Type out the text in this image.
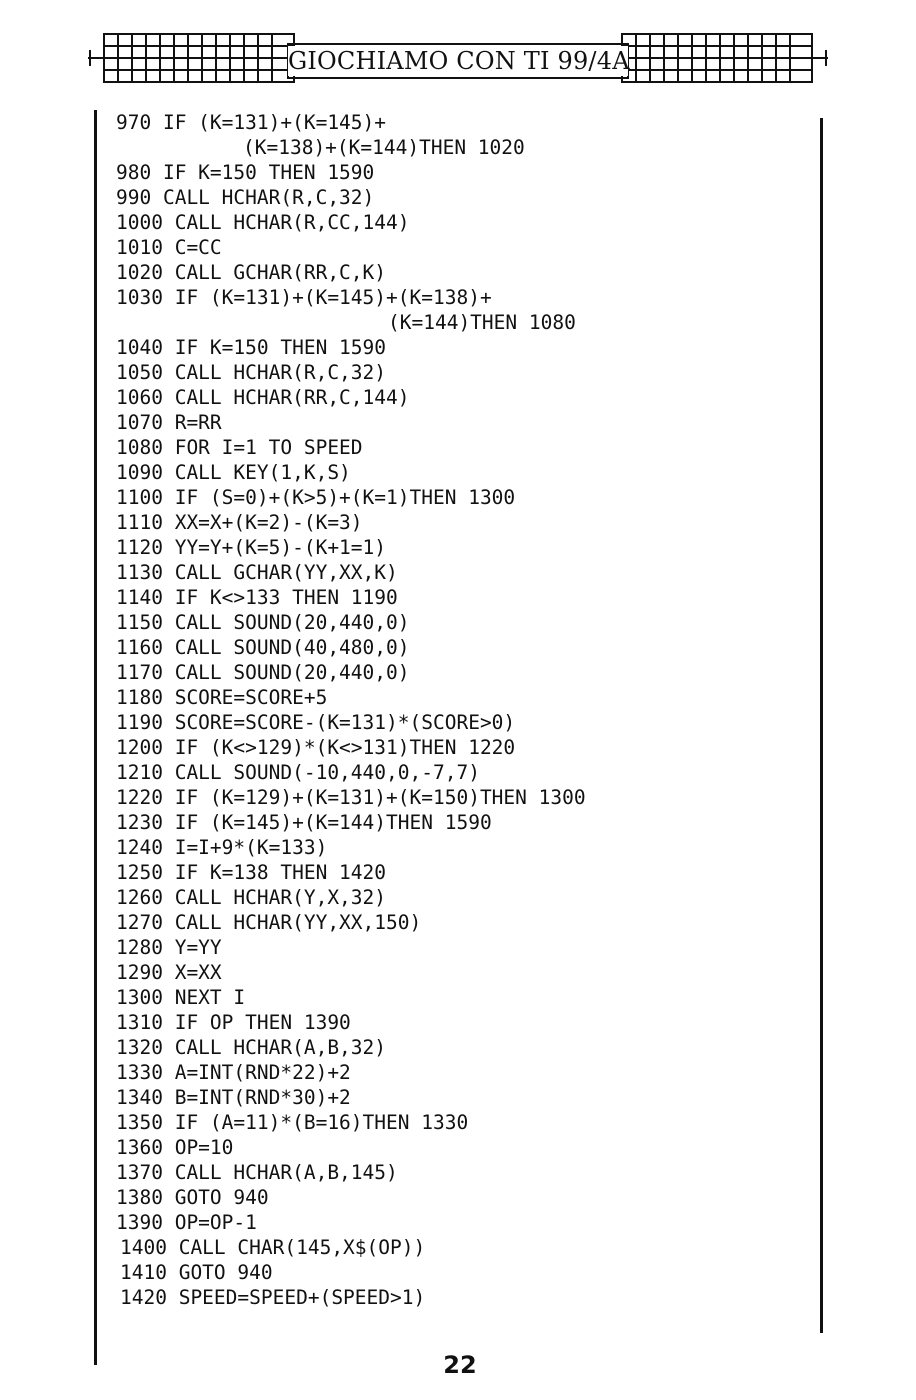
GIOCHIAMO CON TI 99/4A
970 IF (K=131)+(K=145)+
(K=138)+(K=144)THEN 1020
980 IF K=150 THEN 1590
990 CALL HCHAR(R,C,32)
1000 CALL HCHAR(R,CC,144)
1010 C=CC
1020 CALL GCHAR(RR,C,K)
1030 IF (K=131)+(K=145)+(K=138)+
(K=144)THEN 1080
1040 IF K=150 THEN 1590
1050 CALL HCHAR(R,C,32)
1060 CALL HCHAR(RR,C,144)
1070 R=RR
1080 FOR I=1 TO SPEED
1090 CALL KEY(1,K,S)
1100 IF (S=0)+(K>5)+(K=1)THEN 1300
1110 XX=X+(K=2)-(K=3)
1120 YY=Y+(K=5)-(K+1=1)
1130 CALL GCHAR(YY,XX,K)
1140 IF K<>133 THEN 1190
1150 CALL SOUND(20,440,0)
1160 CALL SOUND(40,480,0)
1170 CALL SOUND(20,440,0)
1180 SCORE=SCORE+5
1190 SCORE=SCORE-(K=131)*(SCORE>0)
1200 IF (K<>129)*(K<>131)THEN 1220
1210 CALL SOUND(-10,440,0,-7,7)
1220 IF (K=129)+(K=131)+(K=150)THEN 1300
1230 IF (K=145)+(K=144)THEN 1590
1240 I=I+9*(K=133)
1250 IF K=138 THEN 1420
1260 CALL HCHAR(Y,X,32)
1270 CALL HCHAR(YY,XX,150)
1280 Y=YY
1290 X=XX
1300 NEXT I
1310 IF OP THEN 1390
1320 CALL HCHAR(A,B,32)
1330 A=INT(RND*22)+2
1340 B=INT(RND*30)+2
1350 IF (A=11)*(B=16)THEN 1330
1360 OP=10
1370 CALL HCHAR(A,B,145)
1380 GOTO 940
1390 OP=OP-1
1400 CALL CHAR(145,X$(OP))
1410 GOTO 940
1420 SPEED=SPEED+(SPEED>1)
22
